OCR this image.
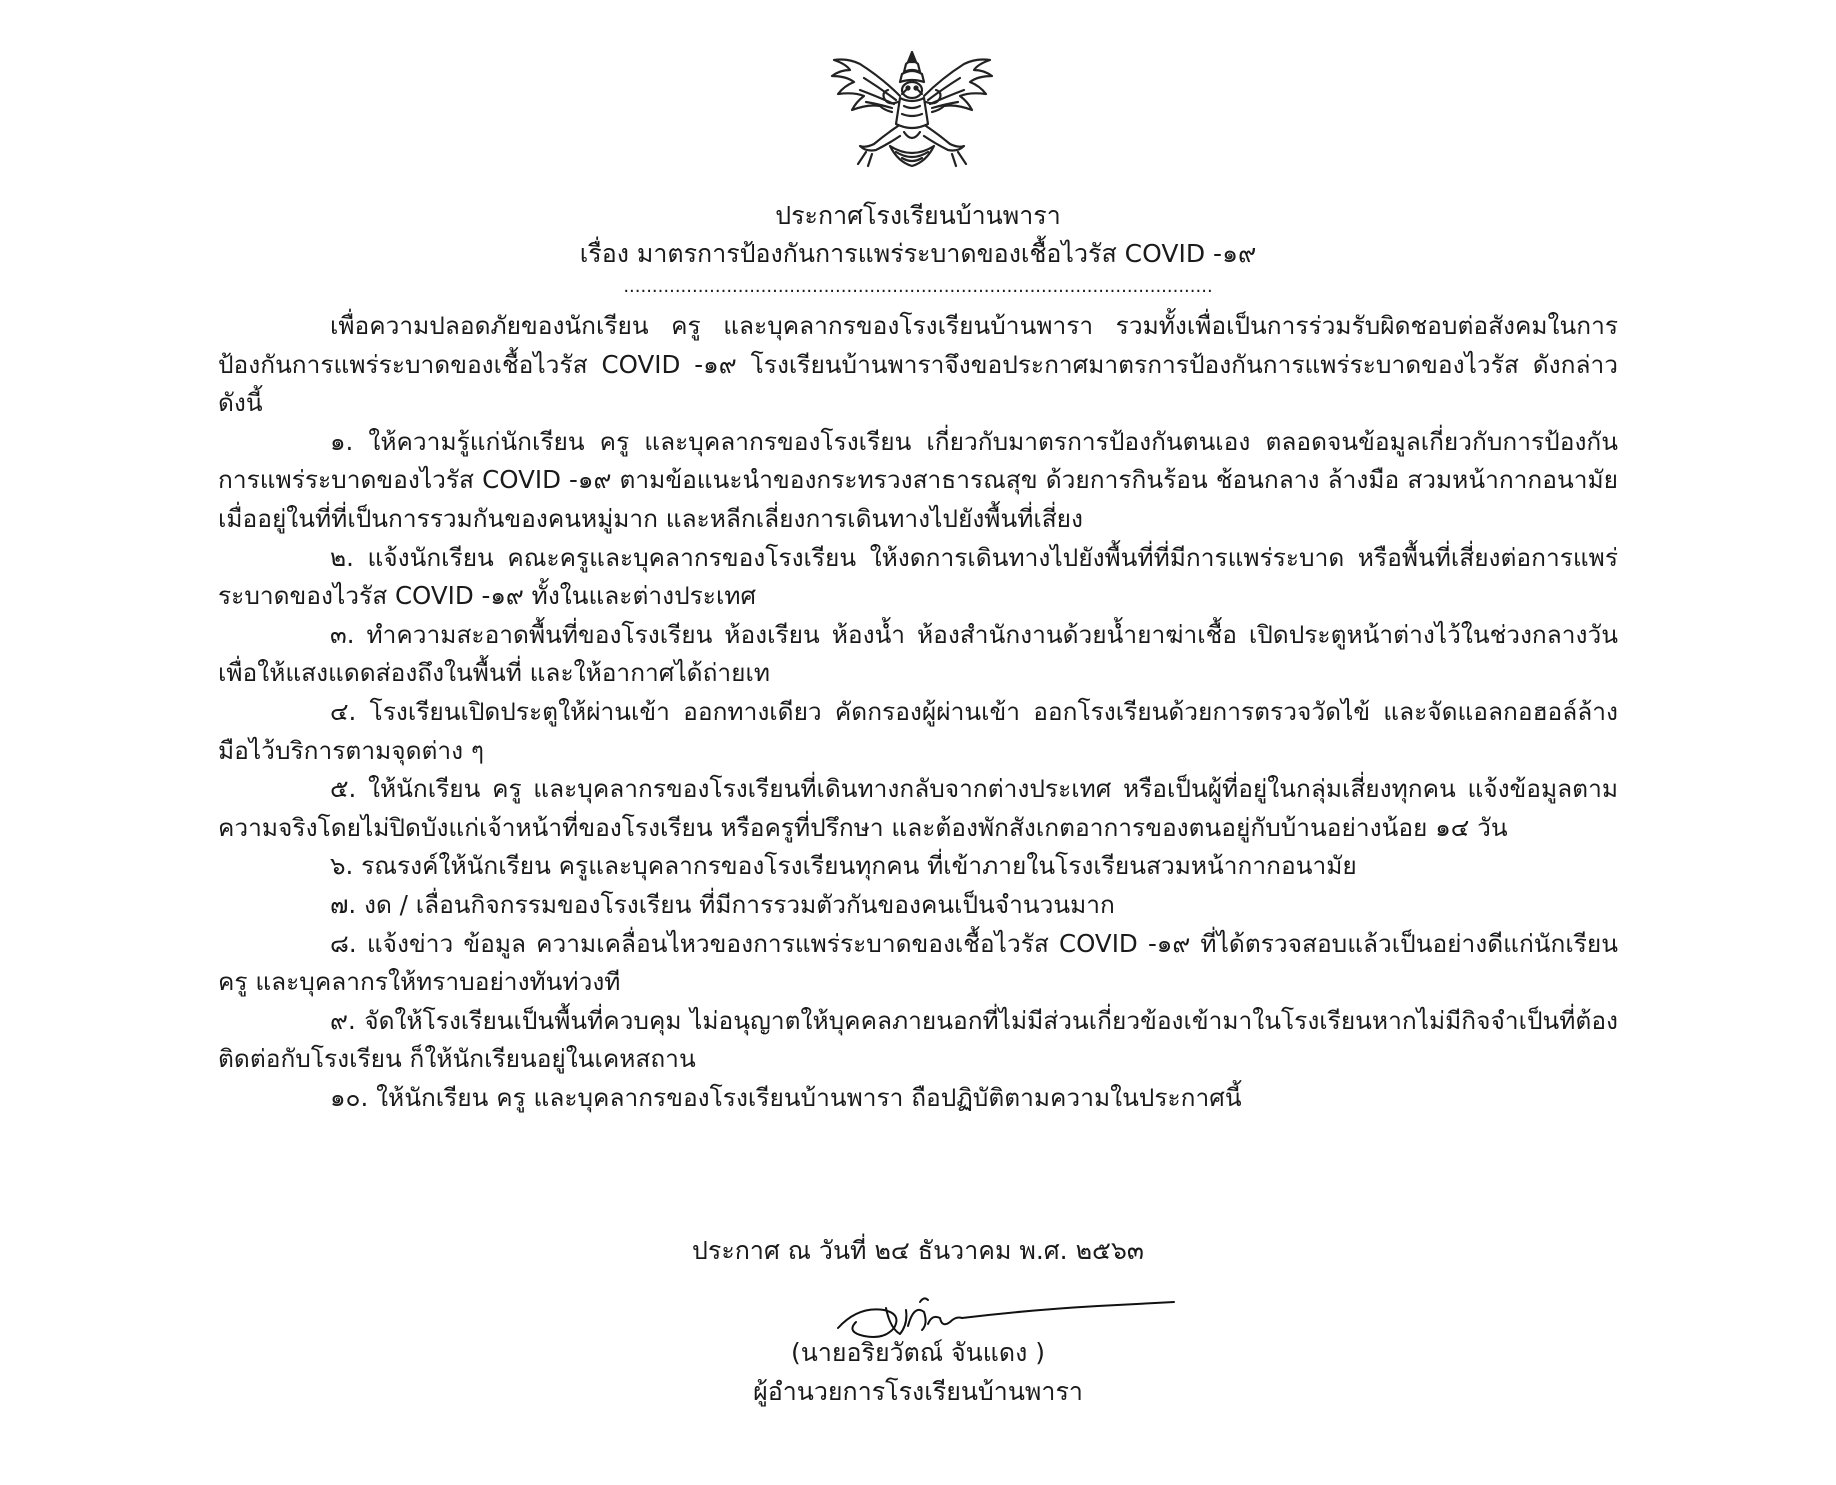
ประกาศโรงเรียนบ้านพารา
เรื่อง มาตรการป้องกันการแพร่ระบาดของเชื้อไวรัส COVID -๑๙
.......................................................................................................

เพื่อความปลอดภัยของนักเรียน ครู และบุคลากรของโรงเรียนบ้านพารา รวมทั้งเพื่อเป็นการร่วมรับผิดชอบต่อสังคมในการป้องกันการแพร่ระบาดของเชื้อไวรัส COVID -๑๙ โรงเรียนบ้านพาราจึงขอประกาศมาตรการป้องกันการแพร่ระบาดของไวรัส ดังกล่าว ดังนี้

๑. ให้ความรู้แก่นักเรียน ครู และบุคลากรของโรงเรียน เกี่ยวกับมาตรการป้องกันตนเอง ตลอดจนข้อมูลเกี่ยวกับการป้องกันการแพร่ระบาดของไวรัส COVID -๑๙ ตามข้อแนะนำของกระทรวงสาธารณสุข ด้วยการกินร้อน ช้อนกลาง ล้างมือ สวมหน้ากากอนามัยเมื่ออยู่ในที่ที่เป็นการรวมกันของคนหมู่มาก และหลีกเลี่ยงการเดินทางไปยังพื้นที่เสี่ยง

๒. แจ้งนักเรียน คณะครูและบุคลากรของโรงเรียน ให้งดการเดินทางไปยังพื้นที่ที่มีการแพร่ระบาด หรือพื้นที่เสี่ยงต่อการแพร่ระบาดของไวรัส COVID -๑๙ ทั้งในและต่างประเทศ

๓. ทำความสะอาดพื้นที่ของโรงเรียน ห้องเรียน ห้องน้ำ ห้องสำนักงานด้วยน้ำยาฆ่าเชื้อ เปิดประตูหน้าต่างไว้ในช่วงกลางวัน เพื่อให้แสงแดดส่องถึงในพื้นที่ และให้อากาศได้ถ่ายเท

๔. โรงเรียนเปิดประตูให้ผ่านเข้า ออกทางเดียว คัดกรองผู้ผ่านเข้า ออกโรงเรียนด้วยการตรวจวัดไข้ และจัดแอลกอฮอล์ล้างมือไว้บริการตามจุดต่าง ๆ

๕. ให้นักเรียน ครู และบุคลากรของโรงเรียนที่เดินทางกลับจากต่างประเทศ หรือเป็นผู้ที่อยู่ในกลุ่มเสี่ยงทุกคน แจ้งข้อมูลตามความจริงโดยไม่ปิดบังแก่เจ้าหน้าที่ของโรงเรียน หรือครูที่ปรึกษา และต้องพักสังเกตอาการของตนอยู่กับบ้านอย่างน้อย ๑๔ วัน

๖. รณรงค์ให้นักเรียน ครูและบุคลากรของโรงเรียนทุกคน ที่เข้าภายในโรงเรียนสวมหน้ากากอนามัย

๗. งด / เลื่อนกิจกรรมของโรงเรียน ที่มีการรวมตัวกันของคนเป็นจำนวนมาก

๘. แจ้งข่าว ข้อมูล ความเคลื่อนไหวของการแพร่ระบาดของเชื้อไวรัส COVID -๑๙ ที่ได้ตรวจสอบแล้วเป็นอย่างดีแก่นักเรียน ครู และบุคลากรให้ทราบอย่างทันท่วงที

๙. จัดให้โรงเรียนเป็นพื้นที่ควบคุม ไม่อนุญาตให้บุคคลภายนอกที่ไม่มีส่วนเกี่ยวข้องเข้ามาในโรงเรียนหากไม่มีกิจจำเป็นที่ต้องติดต่อกับโรงเรียน ก็ให้นักเรียนอยู่ในเคหสถาน

๑๐. ให้นักเรียน ครู และบุคลากรของโรงเรียนบ้านพารา ถือปฏิบัติตามความในประกาศนี้

ประกาศ ณ วันที่ ๒๔ ธันวาคม พ.ศ. ๒๕๖๓
(นายอริยวัตณ์ จันแดง )
ผู้อำนวยการโรงเรียนบ้านพารา
